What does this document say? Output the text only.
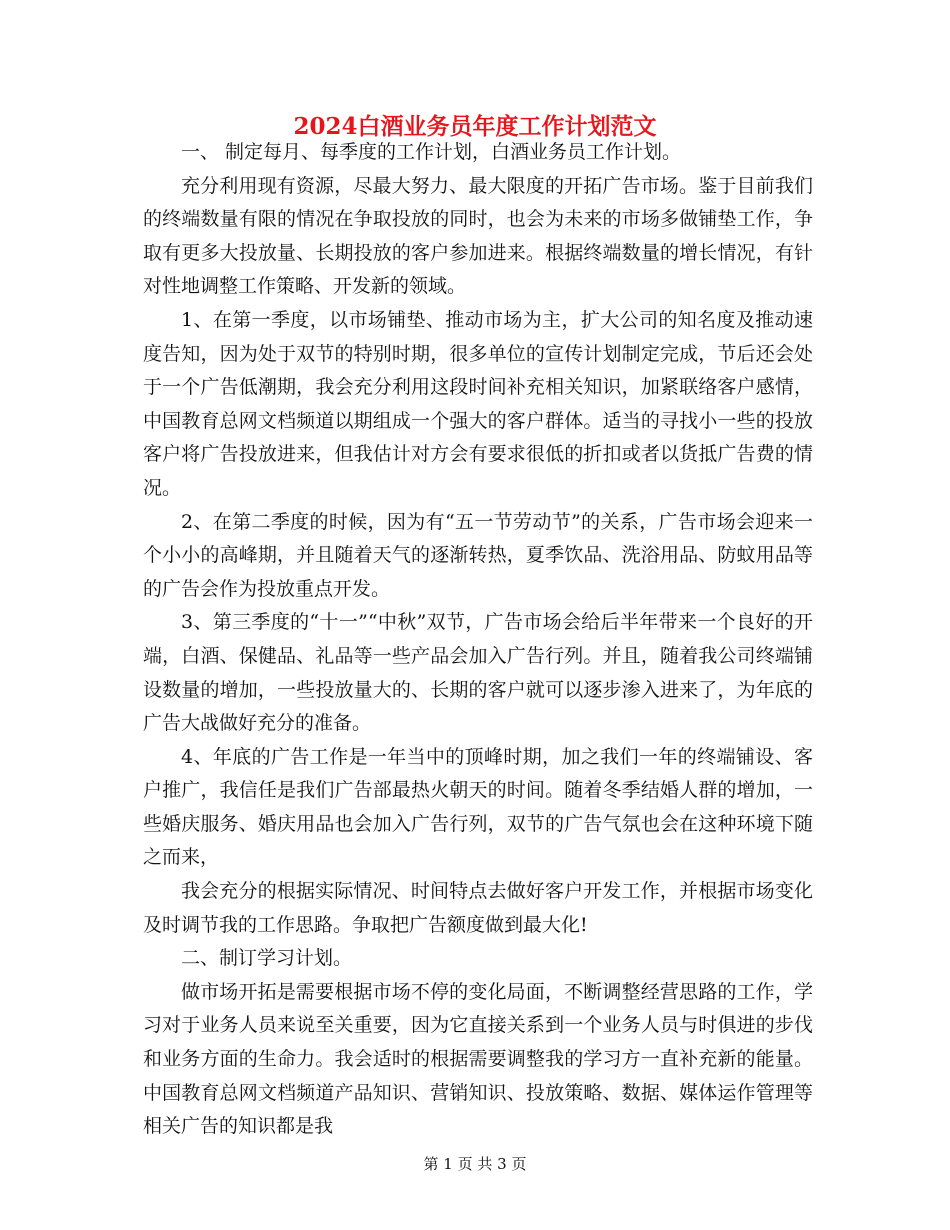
2024白酒业务员年度工作计划范文

一、 制定每月、每季度的工作计划，白酒业务员工作计划。

充分利用现有资源，尽最大努力、最大限度的开拓广告市场。鉴于目前我们的终端数量有限的情况在争取投放的同时，也会为未来的市场多做铺垫工作，争取有更多大投放量、长期投放的客户参加进来。根据终端数量的增长情况，有针对性地调整工作策略、开发新的领域。

1、在第一季度，以市场铺垫、推动市场为主，扩大公司的知名度及推动速度告知，因为处于双节的特别时期，很多单位的宣传计划制定完成，节后还会处于一个广告低潮期，我会充分利用这段时间补充相关知识，加紧联络客户感情，中国教育总网文档频道以期组成一个强大的客户群体。适当的寻找小一些的投放客户将广告投放进来，但我估计对方会有要求很低的折扣或者以货抵广告费的情况。

2、在第二季度的时候，因为有“五一节劳动节”的关系，广告市场会迎来一个小小的高峰期，并且随着天气的逐渐转热，夏季饮品、洗浴用品、防蚊用品等的广告会作为投放重点开发。

3、第三季度的“十一”“中秋”双节，广告市场会给后半年带来一个良好的开端，白酒、保健品、礼品等一些产品会加入广告行列。并且，随着我公司终端铺设数量的增加，一些投放量大的、长期的客户就可以逐步渗入进来了，为年底的广告大战做好充分的准备。

4、年底的广告工作是一年当中的顶峰时期，加之我们一年的终端铺设、客户推广，我信任是我们广告部最热火朝天的时间。随着冬季结婚人群的增加，一些婚庆服务、婚庆用品也会加入广告行列，双节的广告气氛也会在这种环境下随之而来，

我会充分的根据实际情况、时间特点去做好客户开发工作，并根据市场变化及时调节我的工作思路。争取把广告额度做到最大化!

二、制订学习计划。

做市场开拓是需要根据市场不停的变化局面，不断调整经营思路的工作，学习对于业务人员来说至关重要，因为它直接关系到一个业务人员与时俱进的步伐和业务方面的生命力。我会适时的根据需要调整我的学习方一直补充新的能量。中国教育总网文档频道产品知识、营销知识、投放策略、数据、媒体运作管理等相关广告的知识都是我

第 1 页 共 3 页
